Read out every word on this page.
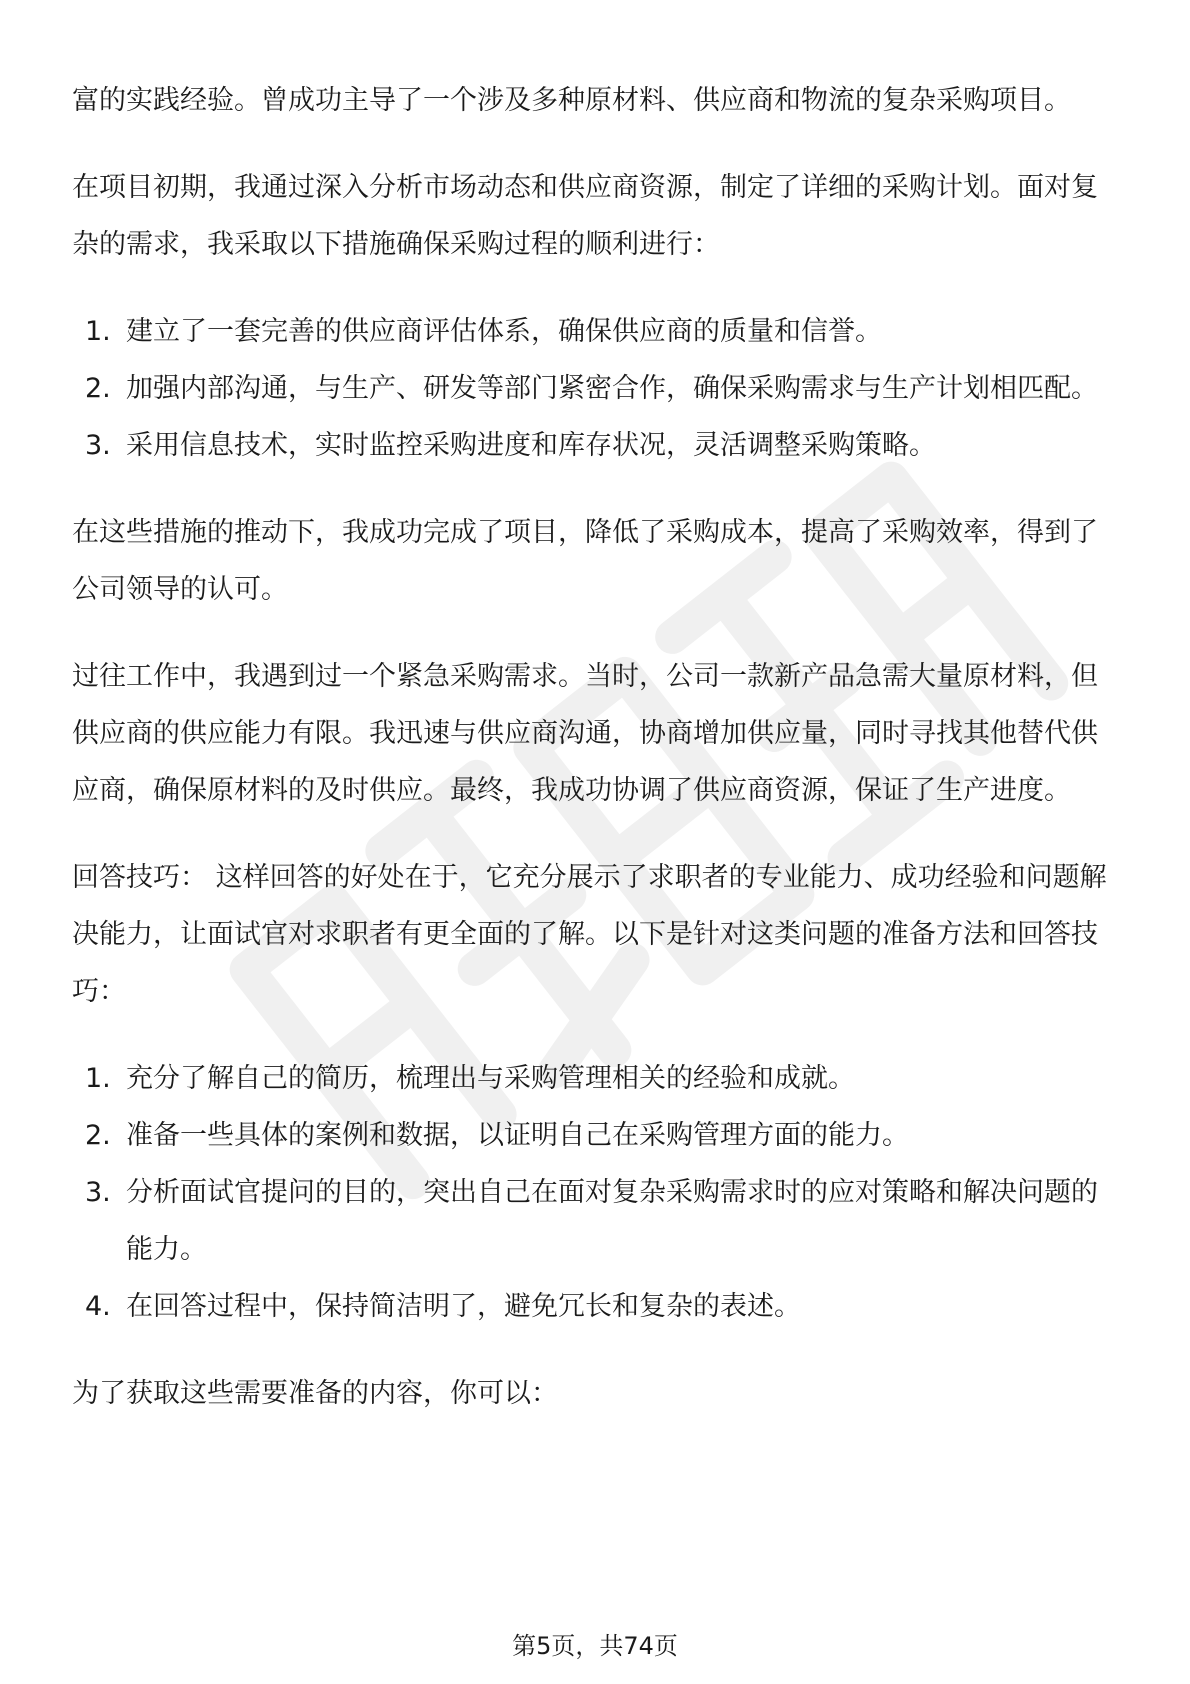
富的实践经验。曾成功主导了一个涉及多种原材料、供应商和物流的复杂采购项目。

在项目初期，我通过深入分析市场动态和供应商资源，制定了详细的采购计划。面对复杂的需求，我采取以下措施确保采购过程的顺利进行：

1. 建立了一套完善的供应商评估体系，确保供应商的质量和信誉。
2. 加强内部沟通，与生产、研发等部门紧密合作，确保采购需求与生产计划相匹配。
3. 采用信息技术，实时监控采购进度和库存状况，灵活调整采购策略。

在这些措施的推动下，我成功完成了项目，降低了采购成本，提高了采购效率，得到了公司领导的认可。

过往工作中，我遇到过一个紧急采购需求。当时，公司一款新产品急需大量原材料，但供应商的供应能力有限。我迅速与供应商沟通，协商增加供应量，同时寻找其他替代供应商，确保原材料的及时供应。最终，我成功协调了供应商资源，保证了生产进度。

回答技巧： 这样回答的好处在于，它充分展示了求职者的专业能力、成功经验和问题解决能力，让面试官对求职者有更全面的了解。以下是针对这类问题的准备方法和回答技巧：

1. 充分了解自己的简历，梳理出与采购管理相关的经验和成就。
2. 准备一些具体的案例和数据，以证明自己在采购管理方面的能力。
3. 分析面试官提问的目的，突出自己在面对复杂采购需求时的应对策略和解决问题的能力。
4. 在回答过程中，保持简洁明了，避免冗长和复杂的表述。

为了获取这些需要准备的内容，你可以：

第5页，共74页
